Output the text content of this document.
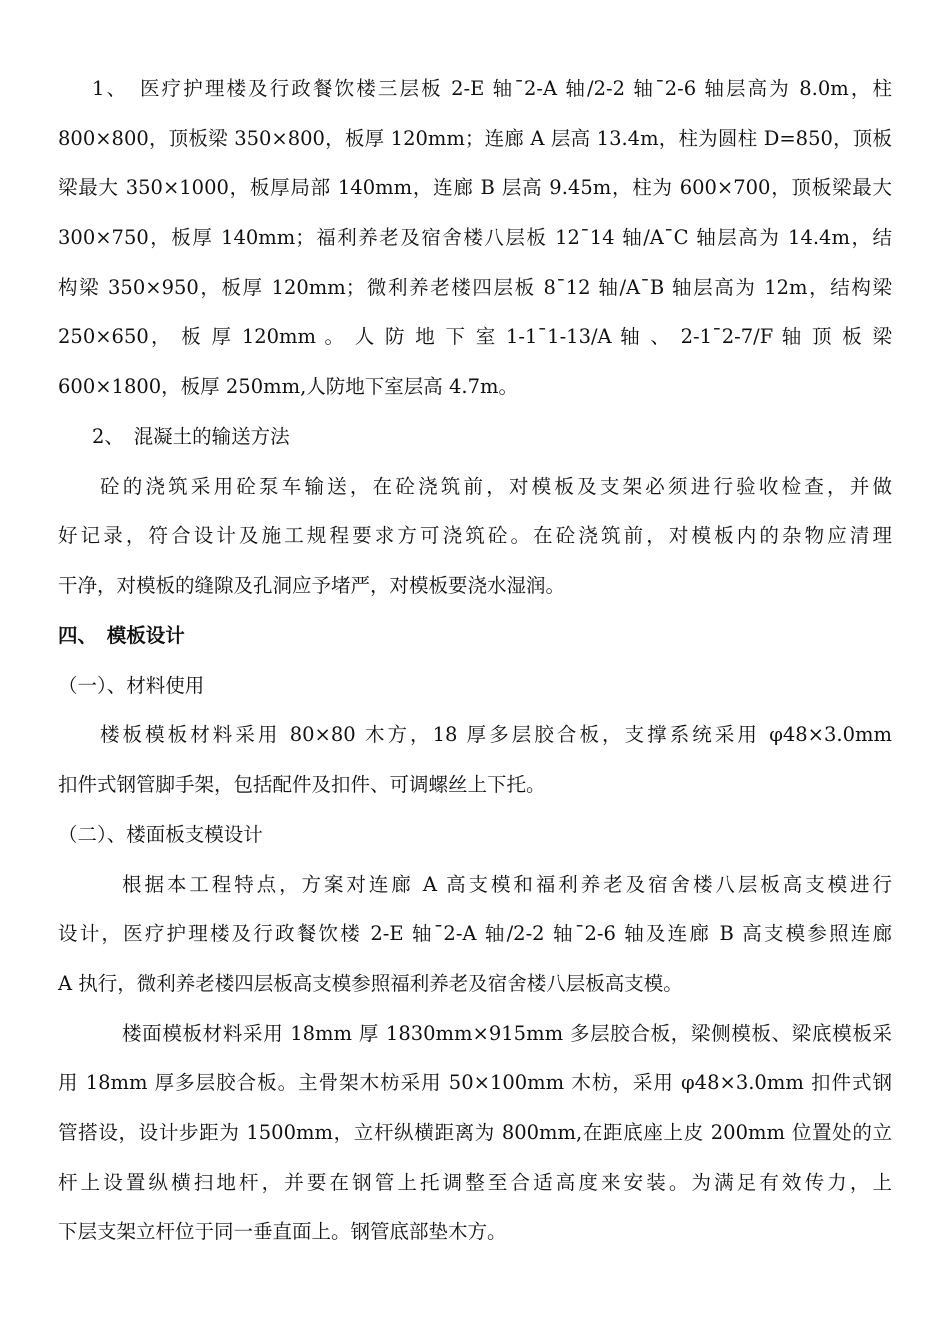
1、　医疗护理楼及行政餐饮楼三层板 2-E 轴¯2-A 轴/2-2 轴¯2-6 轴层高为 8.0m，柱
800×800，顶板梁 350×800，板厚 120mm；连廊 A 层高 13.4m，柱为圆柱 D=850，顶板
梁最大 350×1000，板厚局部 140mm，连廊 B 层高 9.45m，柱为 600×700，顶板梁最大
300×750，板厚 140mm；福利养老及宿舍楼八层板 12¯14 轴/A¯C 轴层高为 14.4m，结
构梁 350×950，板厚 120mm；微利养老楼四层板 8¯12 轴/A¯B 轴层高为 12m，结构梁
250×650， 板 厚 120mm 。 人 防 地 下 室 1-1¯1-13/A 轴 、 2-1¯2-7/F 轴 顶 板 梁
600×1800，板厚 250mm,人防地下室层高 4.7m。
2、　混凝土的输送方法
砼的浇筑采用砼泵车输送，在砼浇筑前，对模板及支架必须进行验收检查，并做
好记录，符合设计及施工规程要求方可浇筑砼。在砼浇筑前，对模板内的杂物应清理
干净，对模板的缝隙及孔洞应予堵严，对模板要浇水湿润。
四、　模板设计
（一）、材料使用
楼板模板材料采用 80×80 木方，18 厚多层胶合板，支撑系统采用 φ48×3.0mm
扣件式钢管脚手架，包括配件及扣件、可调螺丝上下托。
（二）、楼面板支模设计
根据本工程特点，方案对连廊 A 高支模和福利养老及宿舍楼八层板高支模进行
设计，医疗护理楼及行政餐饮楼 2-E 轴¯2-A 轴/2-2 轴¯2-6 轴及连廊 B 高支模参照连廊
A 执行，微利养老楼四层板高支模参照福利养老及宿舍楼八层板高支模。
楼面模板材料采用 18mm 厚 1830mm×915mm 多层胶合板，梁侧模板、梁底模板采
用 18mm 厚多层胶合板。主骨架木枋采用 50×100mm 木枋，采用 φ48×3.0mm 扣件式钢
管搭设，设计步距为 1500mm，立杆纵横距离为 800mm,在距底座上皮 200mm 位置处的立
杆上设置纵横扫地杆，并要在钢管上托调整至合适高度来安装。为满足有效传力，上
下层支架立杆位于同一垂直面上。钢管底部垫木方。
